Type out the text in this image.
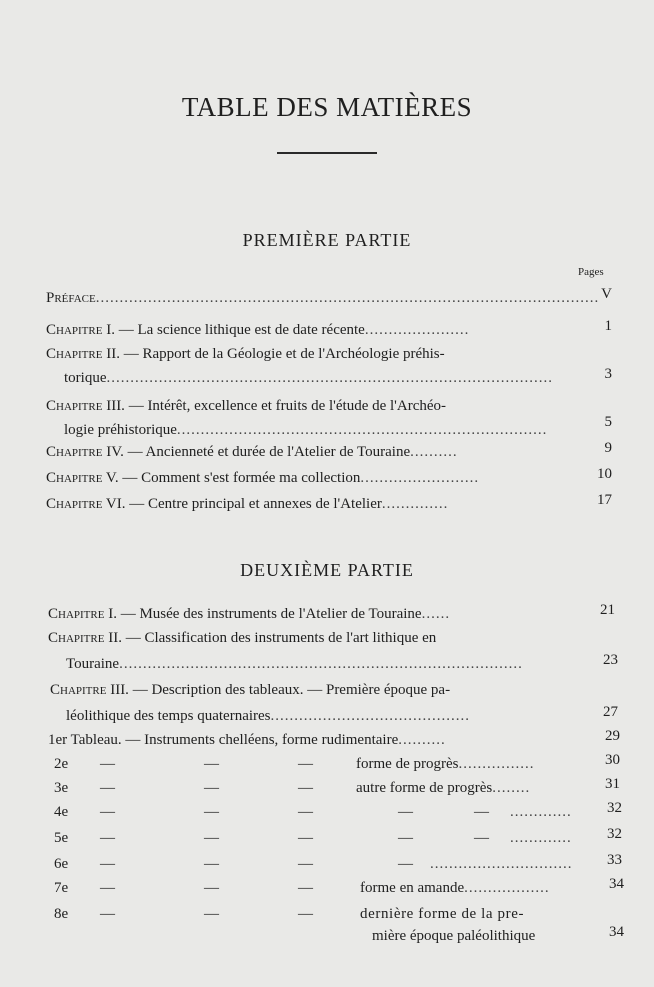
TABLE DES MATIÈRES
PREMIÈRE PARTIE
Pages
Préface.......................................................................................................... V
Chapitre I. — La science lithique est de date récente......................	1
Chapitre II. — Rapport de la Géologie et de l'Archéologie préhis-
torique..............................................................................................	3
Chapitre III. — Intérêt, excellence et fruits de l'étude de l'Archéo-
logie préhistorique..............................................................................	5
Chapitre IV. — Ancienneté et durée de l'Atelier de Touraine..........	9
Chapitre V. — Comment s'est formée ma collection.........................	10
Chapitre VI. — Centre principal et annexes de l'Atelier..............	17
DEUXIÈME PARTIE
Chapitre I. — Musée des instruments de l'Atelier de Touraine......	21
Chapitre II. — Classification des instruments de l'art lithique en
Touraine.....................................................................................	23
Chapitre III. — Description des tableaux. — Première époque pa-
léolithique des temps quaternaires..........................................	27
1er Tableau. — Instruments chelléens, forme rudimentaire..........	29
2e —	—	—	forme de progrès................	30
3e —	—	—	autre forme de progrès........	31
4e —	—	—	—	— .............	32
5e —	—	—	—	— .............	32
6e —	—	—	— ..............................	33
7e —	—	—	forme en amande..................	34
8e —	—	—	dernière forme de la pre-
mière époque paléolithique	34
